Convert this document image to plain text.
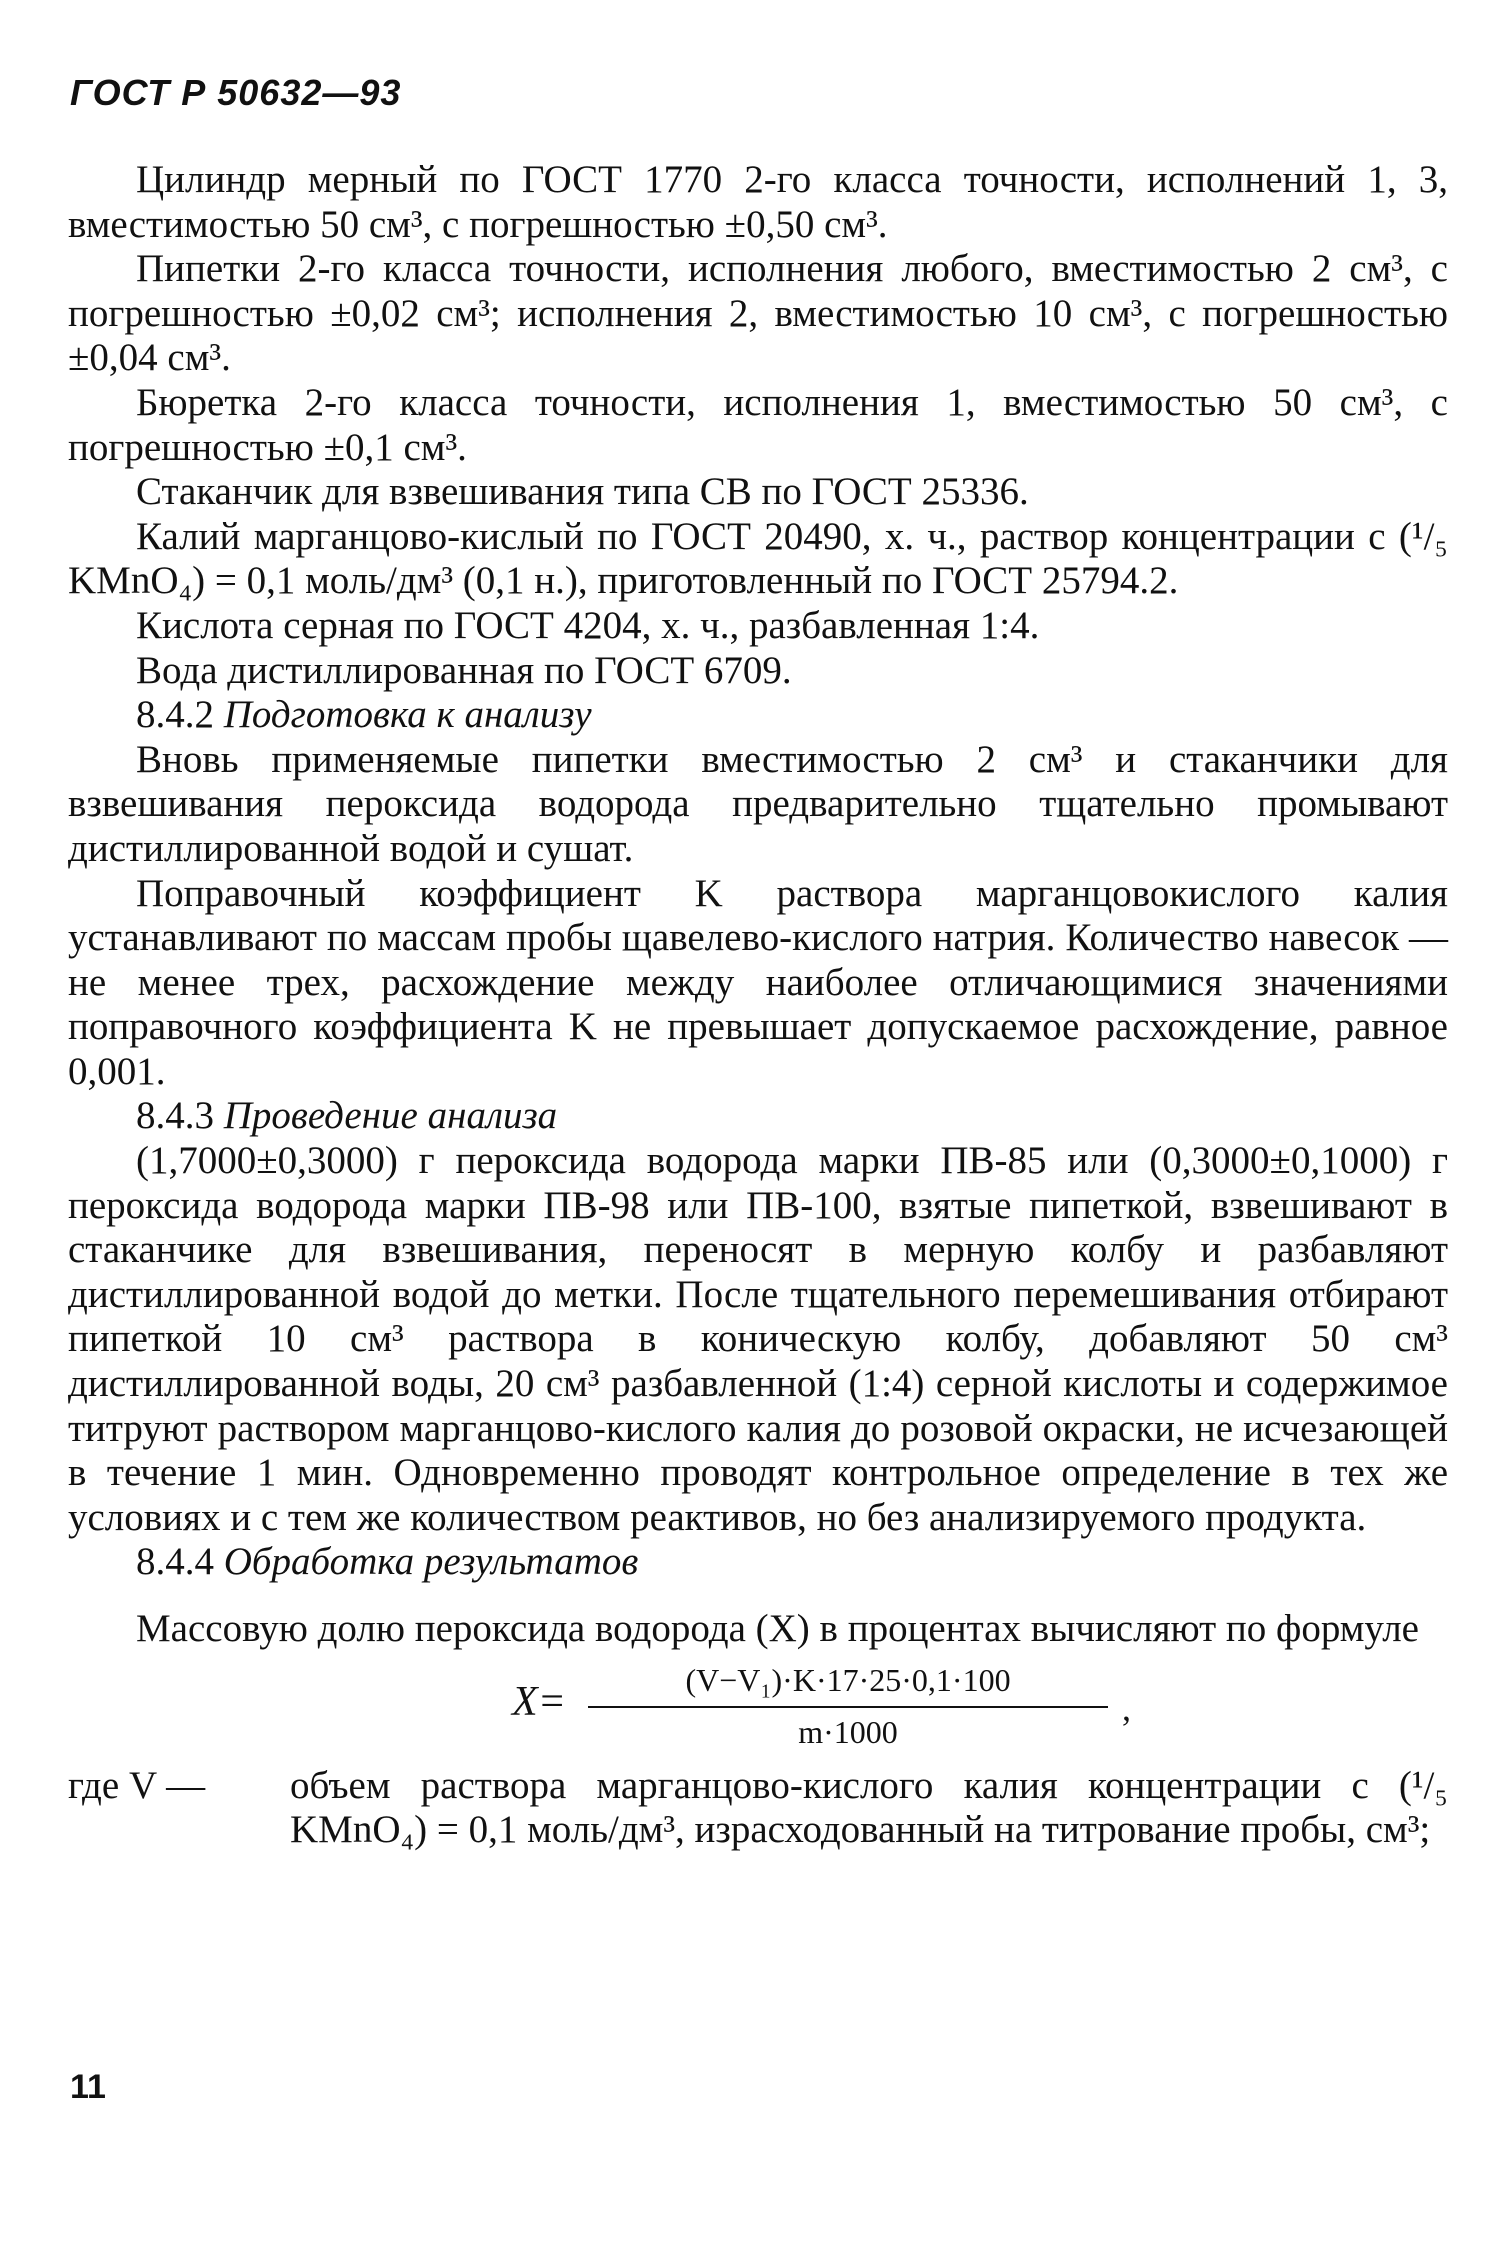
ГОСТ Р 50632—93

Цилиндр мерный по ГОСТ 1770 2-го класса точности, исполнений 1, 3, вместимостью 50 см³, с погрешностью ±0,50 см³.

Пипетки 2-го класса точности, исполнения любого, вместимостью 2 см³, с погрешностью ±0,02 см³; исполнения 2, вместимостью 10 см³, с погрешностью ±0,04 см³.

Бюретка 2-го класса точности, исполнения 1, вместимостью 50 см³, с погрешностью ±0,1 см³.

Стаканчик для взвешивания типа СВ по ГОСТ 25336.

Калий марганцово-кислый по ГОСТ 20490, х. ч., раствор концентрации c (¹/₅ KMnO₄) = 0,1 моль/дм³ (0,1 н.), приготовленный по ГОСТ 25794.2.

Кислота серная по ГОСТ 4204, х. ч., разбавленная 1:4.

Вода дистиллированная по ГОСТ 6709.

8.4.2 Подготовка к анализу

Вновь применяемые пипетки вместимостью 2 см³ и стаканчики для взвешивания пероксида водорода предварительно тщательно промывают дистиллированной водой и сушат.

Поправочный коэффициент K раствора марганцовокислого калия устанавливают по массам пробы щавелево-кислого натрия. Количество навесок — не менее трех, расхождение между наиболее отличающимися значениями поправочного коэффициента K не превышает допускаемое расхождение, равное 0,001.

8.4.3 Проведение анализа

(1,7000±0,3000) г пероксида водорода марки ПВ-85 или (0,3000±0,1000) г пероксида водорода марки ПВ-98 или ПВ-100, взятые пипеткой, взвешивают в стаканчике для взвешивания, переносят в мерную колбу и разбавляют дистиллированной водой до метки. После тщательного перемешивания отбирают пипеткой 10 см³ раствора в коническую колбу, добавляют 50 см³ дистиллированной воды, 20 см³ разбавленной (1:4) серной кислоты и содержимое титруют раствором марганцово-кислого калия до розовой окраски, не исчезающей в течение 1 мин. Одновременно проводят контрольное определение в тех же условиях и с тем же количеством реактивов, но без анализируемого продукта.

8.4.4 Обработка результатов

Массовую долю пероксида водорода (X) в процентах вычисляют по формуле

$X= \frac{\text{(V−V₁)·K·17·25·0,1·100}}{m\cdot 1000}$ ,
где V — объем раствора марганцово-кислого калия концентрации c (¹/₅ KMnO₄) = 0,1 моль/дм³, израсходованный на титрование пробы, см³;
11
